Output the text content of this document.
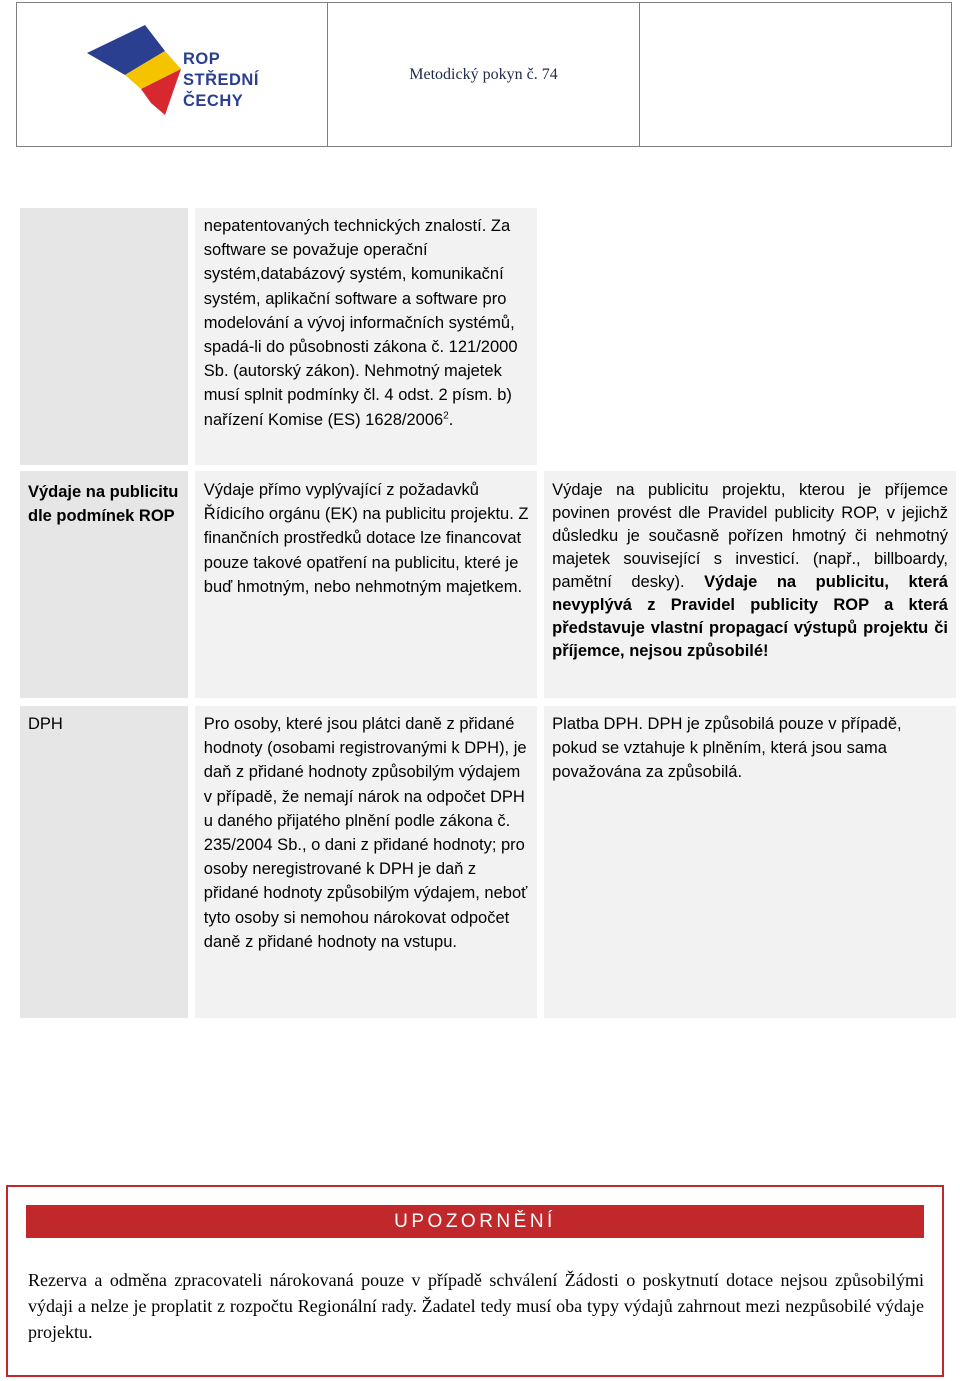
ROP
STŘEDNÍ
ČECHY
Metodický pokyn č. 74
nepatentovaných technických znalostí. Za software se považuje operační systém,databázový systém, komunikační systém, aplikační software a software pro modelování a vývoj informačních systémů, spadá-li do působnosti zákona č. 121/2000 Sb. (autorský zákon). Nehmotný majetek musí splnit podmínky čl. 4 odst. 2 písm. b) nařízení Komise (ES) 1628/2006$^2$.
Výdaje na publicitu dle podmínek ROP
Výdaje přímo vyplývající z požadavků Řídicího orgánu (EK) na publicitu projektu. Z finančních prostředků dotace lze financovat pouze takové opatření na publicitu, které je buď hmotným, nebo nehmotným majetkem.
Výdaje na publicitu projektu, kterou je příjemce povinen provést dle Pravidel publicity ROP, v jejichž důsledku je současně pořízen hmotný či nehmotný majetek související s investicí. (např., billboardy, pamětní desky). Výdaje na publicitu, která nevyplývá z Pravidel publicity ROP a která představuje vlastní propagací výstupů projektu či příjemce, nejsou způsobilé!
DPH	Pro osoby, které jsou plátci daně z přidané hodnoty (osobami registrovanými k DPH), je daň z přidané hodnoty způsobilým výdajem v případě, že nemají nárok na odpočet DPH u daného přijatého plnění podle zákona č. 235/2004 Sb., o dani z přidané hodnoty; pro osoby neregistrované k DPH je daň z přidané hodnoty způsobilým výdajem, neboť tyto osoby si nemohou nárokovat odpočet daně z přidané hodnoty na vstupu.
Platba DPH. DPH je způsobilá pouze v případě, pokud se vztahuje k plněním, která jsou sama považována za způsobilá.
UPOZORNĚNÍ
Rezerva a odměna zpracovateli nárokovaná pouze v případě schválení Žádosti o poskytnutí dotace nejsou způsobilými výdaji a nelze je proplatit z rozpočtu Regionální rady. Žadatel tedy musí oba typy výdajů zahrnout mezi nezpůsobilé výdaje projektu.
